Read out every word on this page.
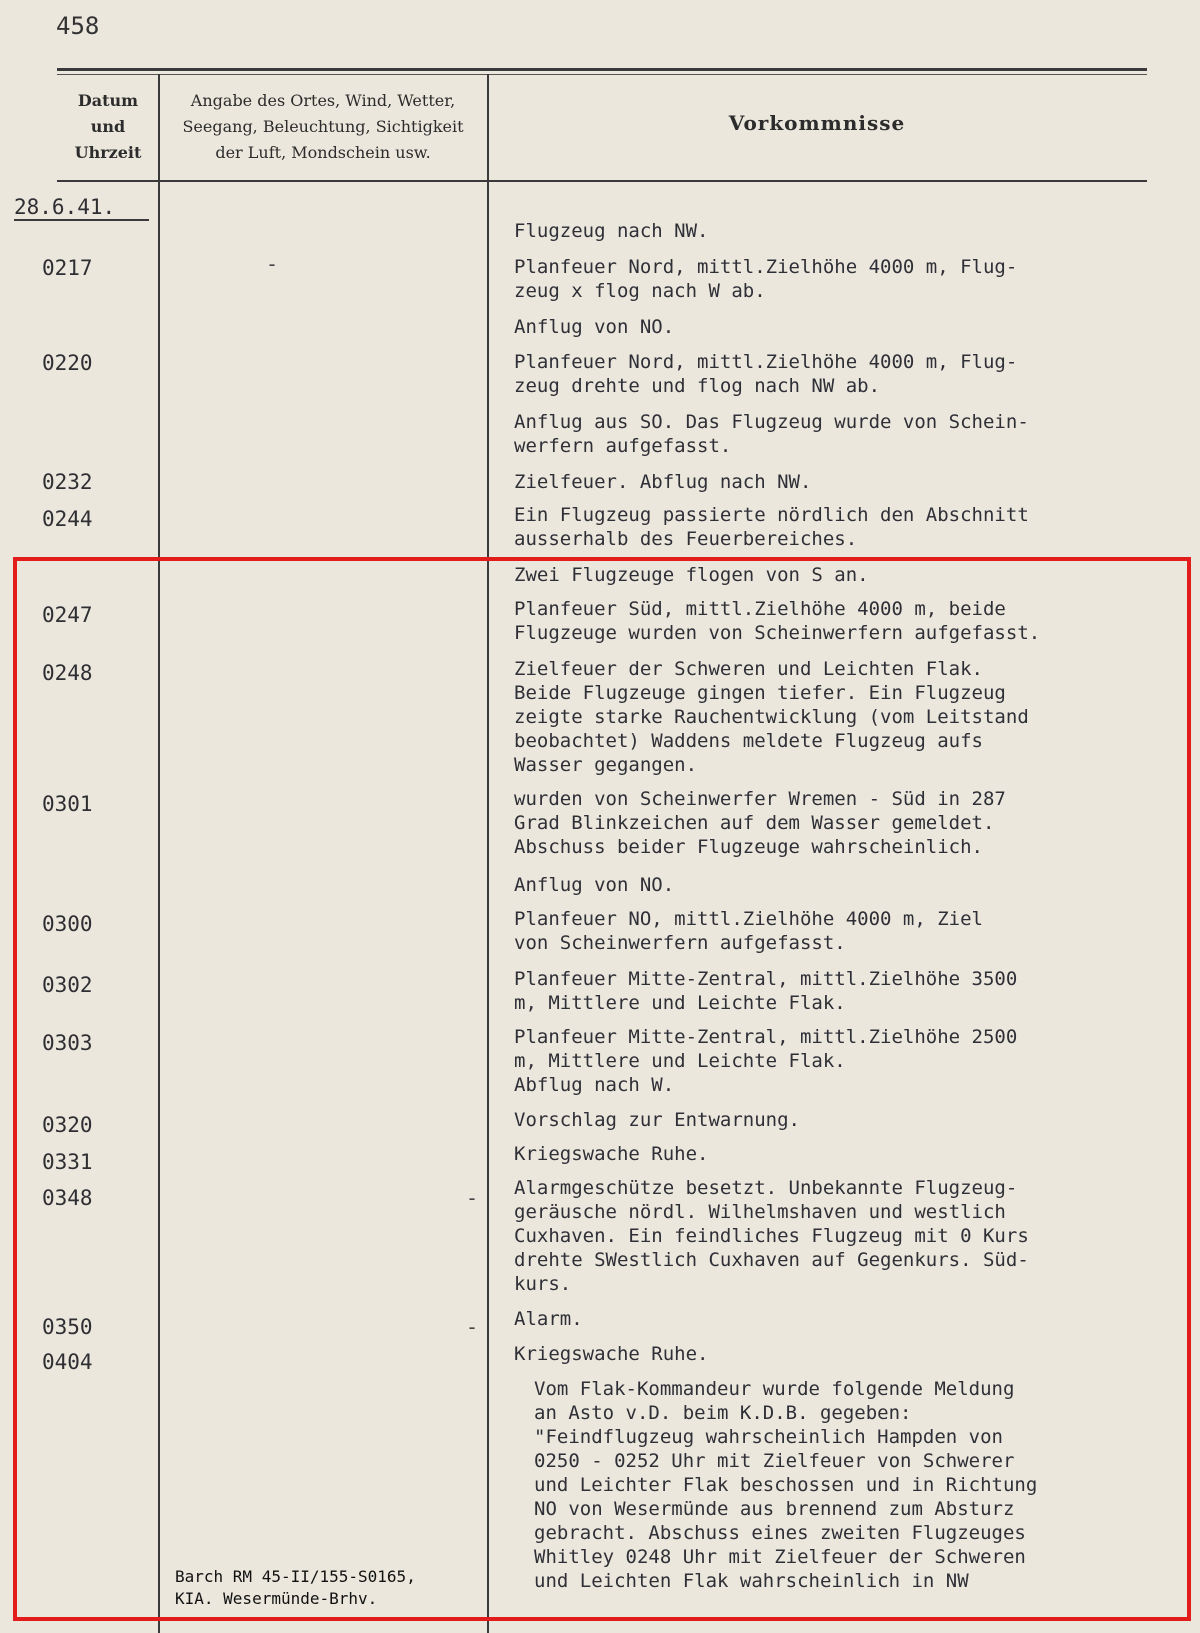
458
Datum
und
Uhrzeit
Angabe des Ortes, Wind, Wetter,
Seegang, Beleuchtung, Sichtigkeit
der Luft, Mondschein usw.
Vorkommnisse
28.6.41.
0217
0220
0232
0244
0247
0248
0301
0300
0302
0303
0320
0331
0348
0350
0404
Flugzeug nach NW.
Planfeuer Nord, mittl.Zielhöhe 4000 m, Flug-
zeug x flog nach W ab.
Anflug von NO.
Planfeuer Nord, mittl.Zielhöhe 4000 m, Flug-
zeug drehte und flog nach NW ab.
Anflug aus SO. Das Flugzeug wurde von Schein-
werfern aufgefasst.
Zielfeuer. Abflug nach NW.
Ein Flugzeug passierte nördlich den Abschnitt
ausserhalb des Feuerbereiches.
Zwei Flugzeuge flogen von S an.
Planfeuer Süd, mittl.Zielhöhe 4000 m, beide
Flugzeuge wurden von Scheinwerfern aufgefasst.
Zielfeuer der Schweren und Leichten Flak.
Beide Flugzeuge gingen tiefer. Ein Flugzeug
zeigte starke Rauchentwicklung (vom Leitstand
beobachtet) Waddens meldete Flugzeug aufs
Wasser gegangen.
wurden von Scheinwerfer Wremen - Süd in 287
Grad Blinkzeichen auf dem Wasser gemeldet.
Abschuss beider Flugzeuge wahrscheinlich.
Anflug von NO.
Planfeuer NO, mittl.Zielhöhe 4000 m, Ziel
von Scheinwerfern aufgefasst.
Planfeuer Mitte-Zentral, mittl.Zielhöhe 3500
m, Mittlere und Leichte Flak.
Planfeuer Mitte-Zentral, mittl.Zielhöhe 2500
m, Mittlere und Leichte Flak.
Abflug nach W.
Vorschlag zur Entwarnung.
Kriegswache Ruhe.
Alarmgeschütze besetzt. Unbekannte Flugzeug-
geräusche nördl. Wilhelmshaven und westlich
Cuxhaven. Ein feindliches Flugzeug mit 0 Kurs
drehte SWestlich Cuxhaven auf Gegenkurs. Süd-
kurs.
Alarm.
Kriegswache Ruhe.
Vom Flak-Kommandeur wurde folgende Meldung
an Asto v.D. beim K.D.B. gegeben:
"Feindflugzeug wahrscheinlich Hampden von
0250 - 0252 Uhr mit Zielfeuer von Schwerer
und Leichter Flak beschossen und in Richtung
NO von Wesermünde aus brennend zum Absturz
gebracht. Abschuss eines zweiten Flugzeuges
Whitley 0248 Uhr mit Zielfeuer der Schweren
und Leichten Flak wahrscheinlich in NW
-
-
-
Barch RM 45-II/155-S0165,
KIA. Wesermünde-Brhv.
